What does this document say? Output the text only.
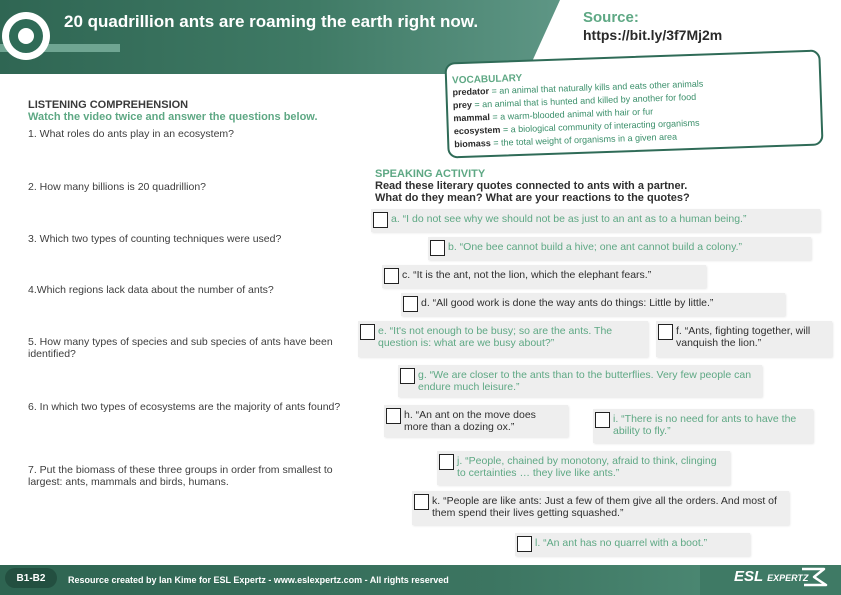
20 quadrillion ants are roaming the earth right now.	Source:
https://bit.ly/3f7Mj2m
VOCABULARY
predator = an animal that naturally kills and eats other animals
prey = an animal that is hunted and killed by another for food
mammal = a warm-blooded animal with hair or fur
ecosystem = a biological community of interacting organisms
biomass = the total weight of organisms in a given area
LISTENING COMPREHENSION
Watch the video twice and answer the questions below.
1. What roles do ants play in an ecosystem?
2. How many billions is 20 quadrillion?
3. Which two types of counting techniques were used?
4.Which regions lack data about the number of ants?
5. How many types of species and sub species of ants have been identified?
6. In which two types of ecosystems are the majority of ants found?
7. Put the biomass of these three groups in order from smallest to largest: ants, mammals and birds, humans.
SPEAKING ACTIVITY
Read these literary quotes connected to ants with a partner.
What do they mean? What are your reactions to the quotes?
a. “I do not see why we should not be as just to an ant as to a human being.”
b. “One bee cannot build a hive; one ant cannot build a colony.”
c. “It is the ant, not the lion, which the elephant fears.”
d. “All good work is done the way ants do things: Little by little.”
e. “It's not enough to be busy; so are the ants. The question is: what are we busy about?”
f. “Ants, fighting together, will vanquish the lion.”
g. “We are closer to the ants than to the butterflies. Very few people can endure much leisure.”
h. “An ant on the move does more than a dozing ox.”
i. “There is no need for ants to have the ability to fly.”
j. “People, chained by monotony, afraid to think, clinging to certainties … they live like ants.”
k. “People are like ants: Just a few of them give all the orders. And most of them spend their lives getting squashed.”
l. “An ant has no quarrel with a boot.”
B1-B2	Resource created by Ian Kime for ESL Expertz - www.eslexpertz.com - All rights reserved	ESL EXPERTZ
